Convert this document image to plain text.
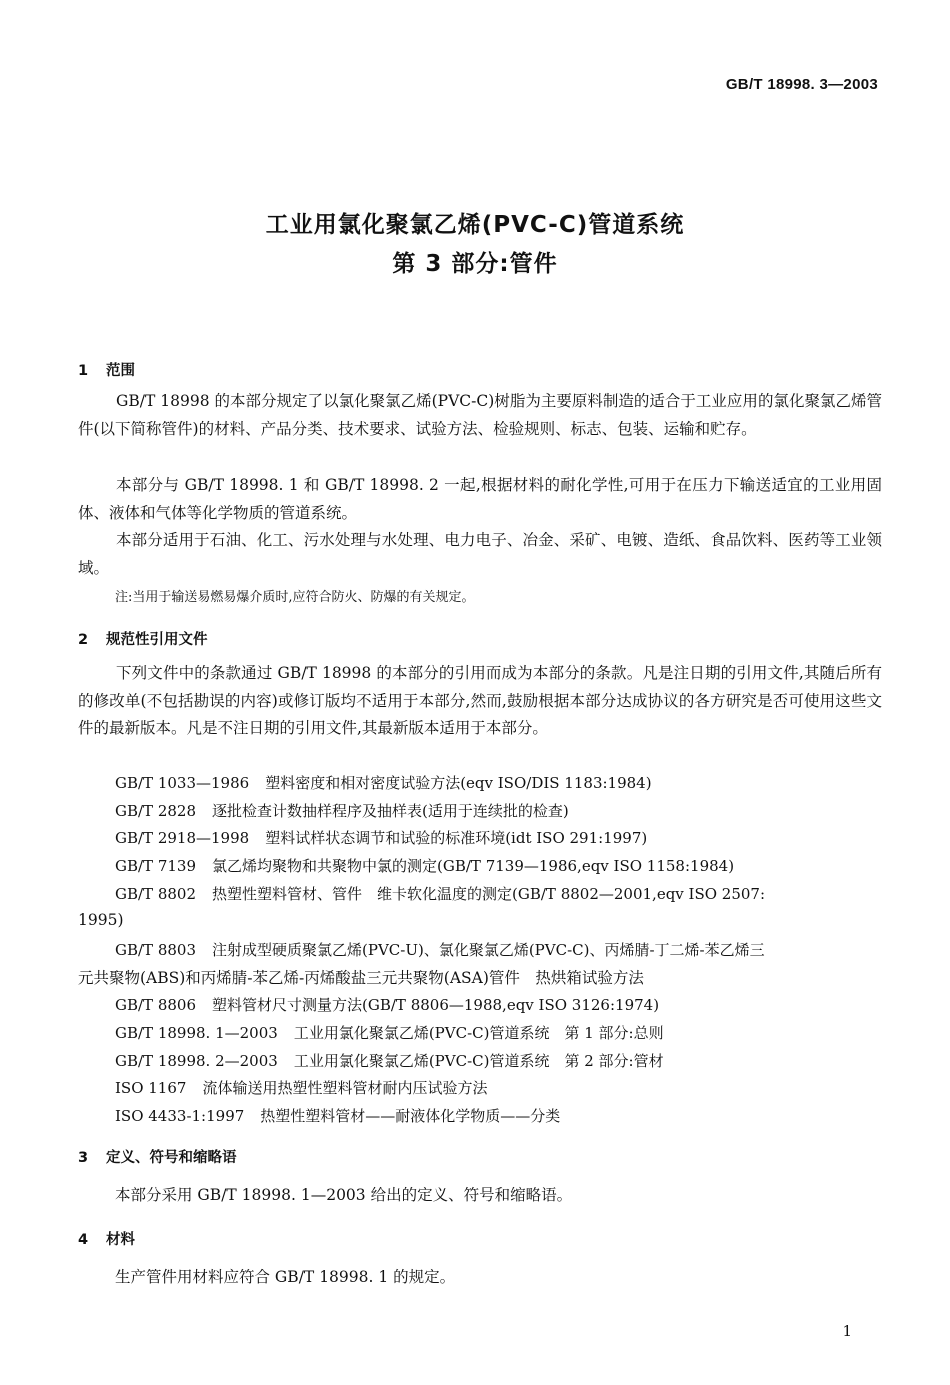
GB/T 18998. 3—2003
工业用氯化聚氯乙烯(PVC-C)管道系统
第 3 部分:管件
1 范围
GB/T 18998 的本部分规定了以氯化聚氯乙烯(PVC-C)树脂为主要原料制造的适合于工业应用的氯化聚氯乙烯管件(以下简称管件)的材料、产品分类、技术要求、试验方法、检验规则、标志、包装、运输和贮存。
本部分与 GB/T 18998. 1 和 GB/T 18998. 2 一起,根据材料的耐化学性,可用于在压力下输送适宜的工业用固体、液体和气体等化学物质的管道系统。
本部分适用于石油、化工、污水处理与水处理、电力电子、冶金、采矿、电镀、造纸、食品饮料、医药等工业领域。
注:当用于输送易燃易爆介质时,应符合防火、防爆的有关规定。
2 规范性引用文件
下列文件中的条款通过 GB/T 18998 的本部分的引用而成为本部分的条款。凡是注日期的引用文件,其随后所有的修改单(不包括勘误的内容)或修订版均不适用于本部分,然而,鼓励根据本部分达成协议的各方研究是否可使用这些文件的最新版本。凡是不注日期的引用文件,其最新版本适用于本部分。
GB/T 1033—1986 塑料密度和相对密度试验方法(eqv ISO/DIS 1183:1984)
GB/T 2828 逐批检查计数抽样程序及抽样表(适用于连续批的检查)
GB/T 2918—1998 塑料试样状态调节和试验的标准环境(idt ISO 291:1997)
GB/T 7139 氯乙烯均聚物和共聚物中氯的测定(GB/T 7139—1986,eqv ISO 1158:1984)
GB/T 8802 热塑性塑料管材、管件　维卡软化温度的测定(GB/T 8802—2001,eqv ISO 2507:
1995)
GB/T 8803 注射成型硬质聚氯乙烯(PVC-U)、氯化聚氯乙烯(PVC-C)、丙烯腈-丁二烯-苯乙烯三
元共聚物(ABS)和丙烯腈-苯乙烯-丙烯酸盐三元共聚物(ASA)管件　热烘箱试验方法
GB/T 8806 塑料管材尺寸测量方法(GB/T 8806—1988,eqv ISO 3126:1974)
GB/T 18998. 1—2003 工业用氯化聚氯乙烯(PVC-C)管道系统　第 1 部分:总则
GB/T 18998. 2—2003 工业用氯化聚氯乙烯(PVC-C)管道系统　第 2 部分:管材
ISO 1167 流体输送用热塑性塑料管材耐内压试验方法
ISO 4433-1:1997 热塑性塑料管材——耐液体化学物质——分类
3 定义、符号和缩略语
本部分采用 GB/T 18998. 1—2003 给出的定义、符号和缩略语。
4 材料
生产管件用材料应符合 GB/T 18998. 1 的规定。
1
